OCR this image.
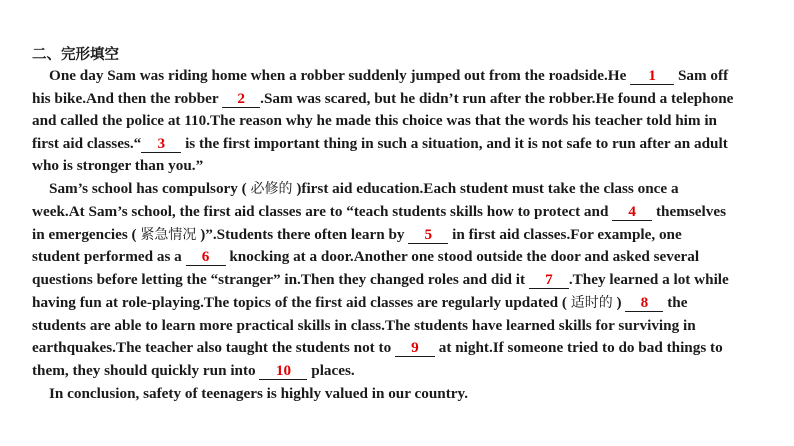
二、完形填空
One day Sam was riding home when a robber suddenly jumped out from the roadside.He 1 Sam off
his bike.And then the robber 2 .Sam was scared, but he didn’t run after the robber.He found a telephone
and called the police at 110.The reason why he made this choice was that the words his teacher told him in
first aid classes.“ 3 is the first important thing in such a situation, and it is not safe to run after an adult
who is stronger than you.”
Sam’s school has compulsory ( 必修的 )first aid education.Each student must take the class once a
week.At Sam’s school, the first aid classes are to “teach students skills how to protect and 4 themselves
in emergencies ( 紧急情况 )”.Students there often learn by 5 in first aid classes.For example, one
student performed as a 6 knocking at a door.Another one stood outside the door and asked several
questions before letting the “stranger” in.Then they changed roles and did it 7 .They learned a lot while
having fun at role-playing.The topics of the first aid classes are regularly updated ( 适时的 ) 8 the
students are able to learn more practical skills in class.The students have learned skills for surviving in
earthquakes.The teacher also taught the students not to 9 at night.If someone tried to do bad things to
them, they should quickly run into 10 places.
In conclusion, safety of teenagers is highly valued in our country.
